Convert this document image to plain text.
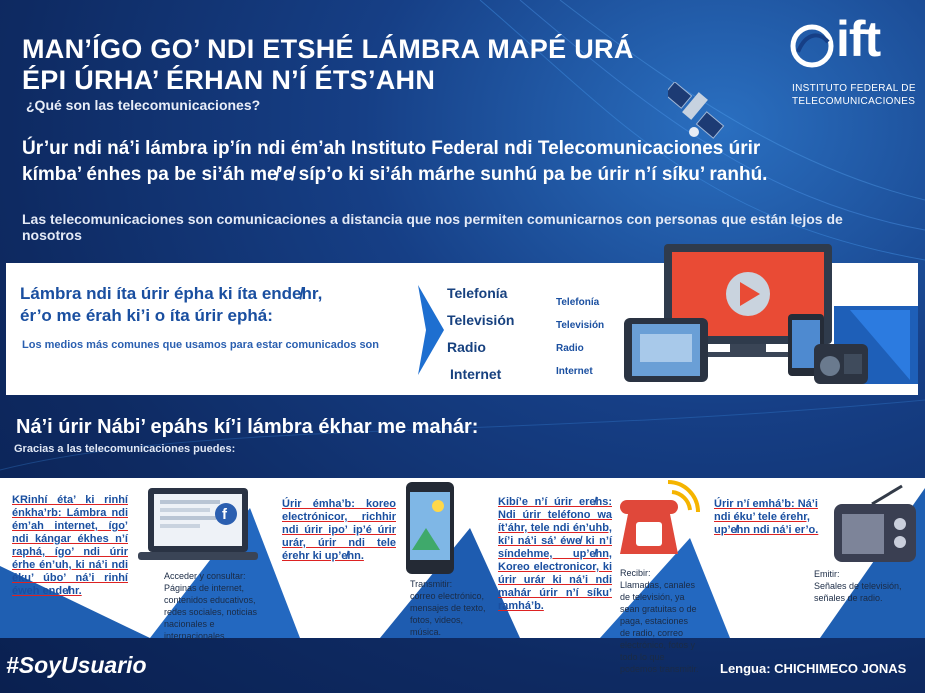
MAN’ÍGO GO’ NDI ETSHÉ LÁMBRA MAPÉ URÁ
ÉPI ÚRHA’ ÉRHAN N’Í ÉTS’AHN
¿Qué son las telecomunicaciones?
ift
INSTITUTO FEDERAL DE
TELECOMUNICACIONES
Úr’ur ndi ná’i lámbra ip’ín ndi ém’ah Instituto Federal ndi Telecomunicaciones úrir kímba’ énhes pa be si’áh me̸’e̸ síp’o ki si’áh márhe sunhú pa be úrir n’í síku’ ranhú.
Las telecomunicaciones son comunicaciones a distancia que nos permiten comunicarnos con personas que están lejos de nosotros
Lámbra ndi íta úrir épha ki íta ende̸hr,
ér’o me érah ki’i o íta úrir ephá:
Los medios más comunes que usamos para estar comunicados son
Telefonía
Televisión
Radio
Internet
Telefonía
Televisión
Radio
Internet
Ná’i úrir Nábi’ epáhs kí’i lámbra ékhar me mahár:
Gracias a las telecomunicaciones puedes:
KRinhí éta’ ki rinhí énkha’rb: Lámbra ndi ém’ah internet, ígo’ ndi kángar ékhes n’í raphá, ígo’ ndi úrir érhe én’uh, ki ná’i ndi éku’ úbo’ ná’i rinhí éweh ende̸hr.
f
Acceder y consultar:
Páginas de internet, contenidos educativos, redes sociales, noticias nacionales e internacionales.
Úrir émha’b: koreo electrónicor, richhir ndi úrir ipo’ ip’é úrir urár, úrir ndi tele érehr ki up’e̸hn.
Transmitir:
correo electrónico, mensajes de texto, fotos, videos, música.
Kibí’e n’í úrir ere̸hs: Ndi úrir teléfono wa ít’áhr, tele ndi én’uhb, kí’i ná’i sá’ éwe̸ ki n’í síndehme, up’e̸hn, Koreo electronicor, ki úrir urár ki ná’i ndi mahár úrir n’í síku’ ramhá’b.
Recibir:
Llamadas, canales de televisión, ya sean gratuitas o de paga, estaciones de radio, correo electrónico, fotos y todo lo que podemos transmitir.
Úrir n’í emhá’b: Ná’i ndi éku’ tele érehr, up’e̸hn ndi ná’i er’o.
Emitir:
Señales de televisión, señales de radio.
#SoyUsuario	Lengua: CHICHIMECO JONAS
